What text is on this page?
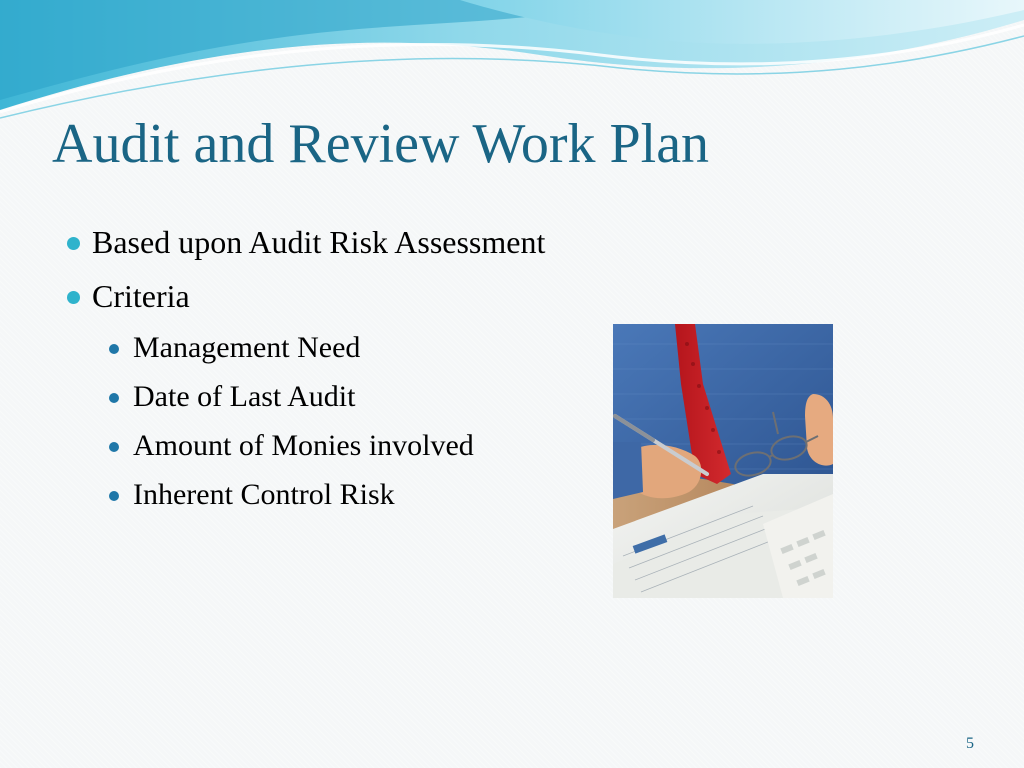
Audit and Review Work Plan
Based upon Audit Risk Assessment
Criteria
Management Need
Date of Last Audit
Amount of Monies involved
Inherent Control Risk
5
